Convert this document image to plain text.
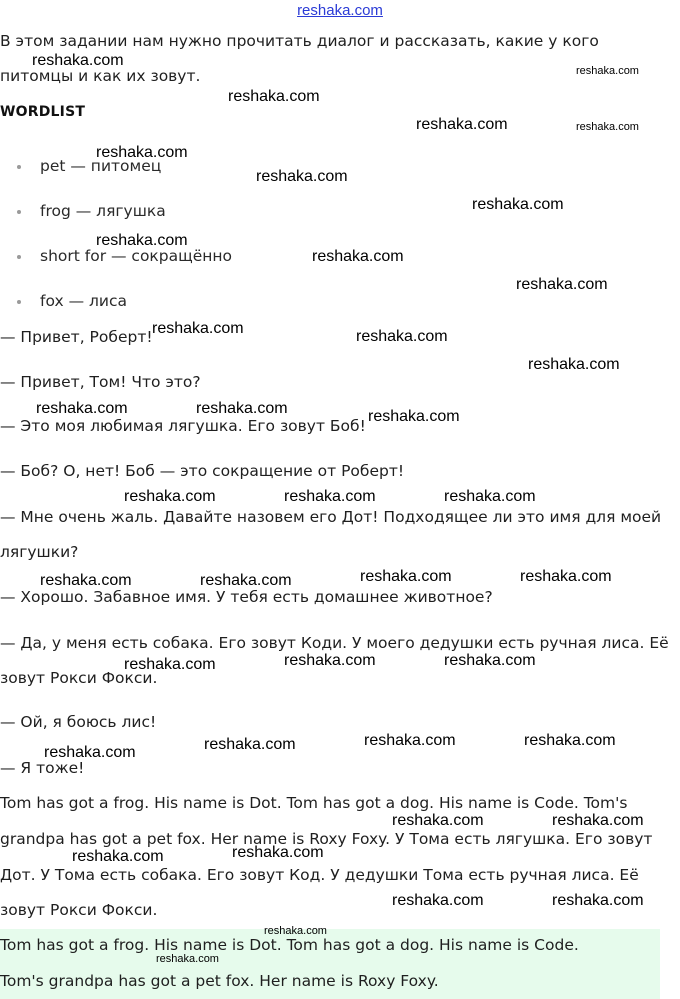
reshaka.com

В этом задании нам нужно прочитать диалог и рассказать, какие у кого

питомцы и как их зовут.

WORDLIST

pet — питомец
frog — лягушка
short for — сокращённо
fox — лиса

— Привет, Роберт!

— Привет, Том! Что это?

— Это моя любимая лягушка. Его зовут Боб!

— Боб? О, нет! Боб — это сокращение от Роберт!

— Мне очень жаль. Давайте назовем его Дот! Подходящее ли это имя для моей

лягушки?

— Хорошо. Забавное имя. У тебя есть домашнее животное?

— Да, у меня есть собака. Его зовут Коди. У моего дедушки есть ручная лиса. Её

зовут Рокси Фокси.

— Ой, я боюсь лис!

— Я тоже!

Tom has got a frog. His name is Dot. Tom has got a dog. His name is Code. Tom's

grandpa has got a pet fox. Her name is Roxy Foxy. У Тома есть лягушка. Его зовут

Дот. У Тома есть собака. Его зовут Код. У дедушки Тома есть ручная лиса. Её

зовут Рокси Фокси.

Tom has got a frog. His name is Dot. Tom has got a dog. His name is Code.

Tom's grandpa has got a pet fox. Her name is Roxy Foxy.

reshaka.com
reshaka.com
reshaka.com
reshaka.com	reshaka.com
reshaka.com
reshaka.com
reshaka.com
reshaka.com
reshaka.com
reshaka.com
reshaka.com	reshaka.com
reshaka.com
reshaka.com	reshaka.com	reshaka.com
reshaka.com	reshaka.com	reshaka.com
reshaka.com	reshaka.com	reshaka.com	reshaka.com
reshaka.com	reshaka.com	reshaka.com
reshaka.com	reshaka.com	reshaka.com	reshaka.com
reshaka.com	reshaka.com
reshaka.com	reshaka.com
reshaka.com	reshaka.com
reshaka.com
reshaka.com
